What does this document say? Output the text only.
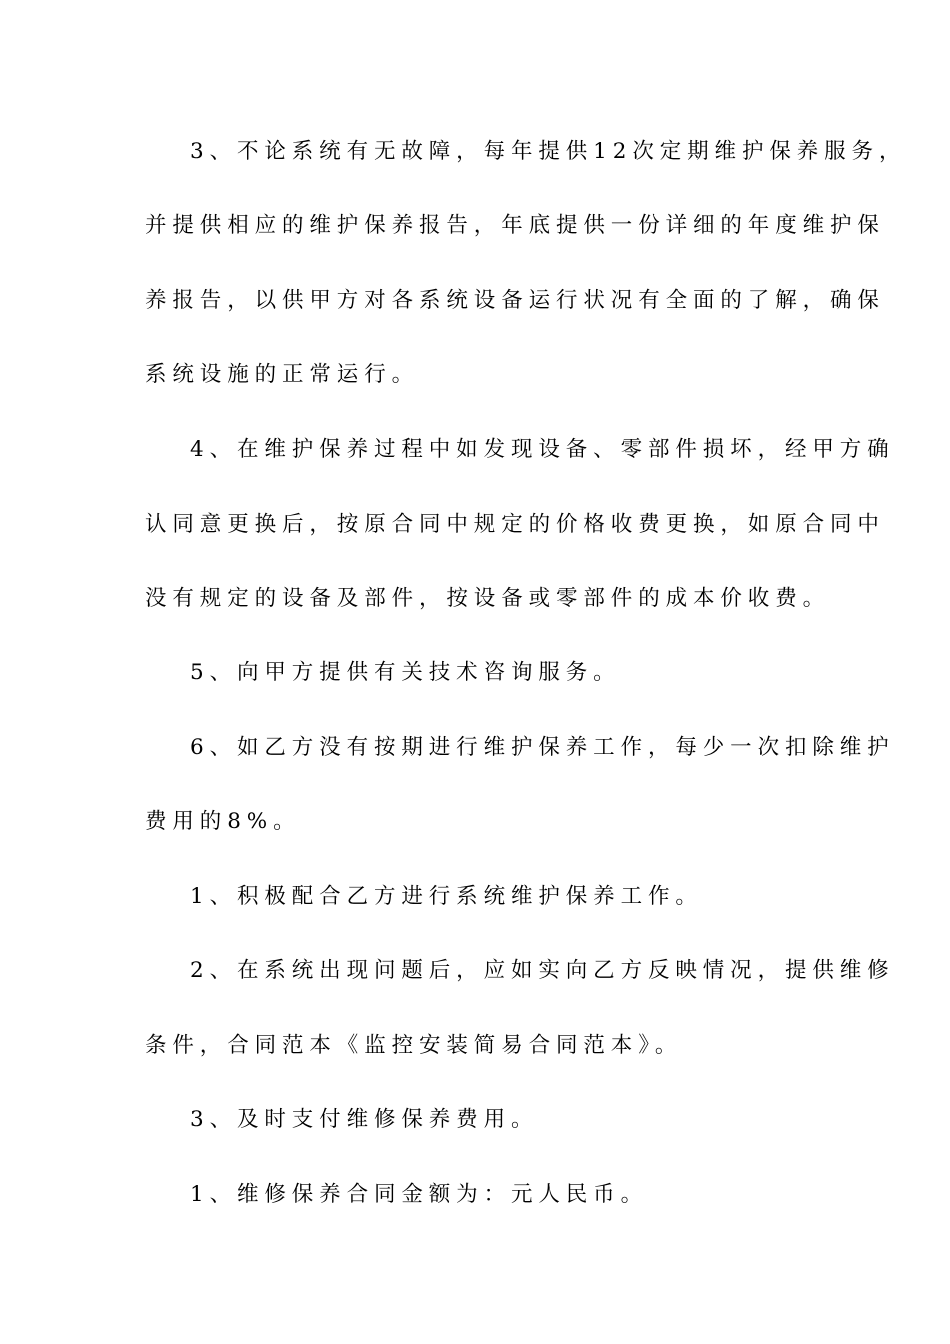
3、不论系统有无故障，每年提供12次定期维护保养服务，
并提供相应的维护保养报告，年底提供一份详细的年度维护保
养报告，以供甲方对各系统设备运行状况有全面的了解，确保
系统设施的正常运行。
4、在维护保养过程中如发现设备、零部件损坏，经甲方确
认同意更换后，按原合同中规定的价格收费更换，如原合同中
没有规定的设备及部件，按设备或零部件的成本价收费。
5、向甲方提供有关技术咨询服务。
6、如乙方没有按期进行维护保养工作，每少一次扣除维护
费用的8%。
1、积极配合乙方进行系统维护保养工作。
2、在系统出现问题后，应如实向乙方反映情况，提供维修
条件，合同范本《监控安装简易合同范本》。
3、及时支付维修保养费用。
1、维修保养合同金额为：元人民币。
